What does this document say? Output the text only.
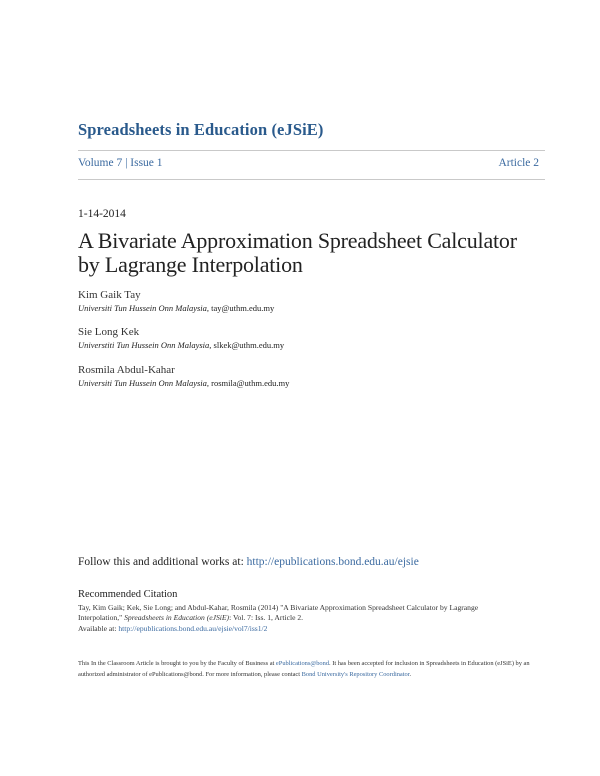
Spreadsheets in Education (eJSiE)
Volume 7 | Issue 1	Article 2
1-14-2014
A Bivariate Approximation Spreadsheet Calculator
by Lagrange Interpolation
Kim Gaik Tay
Universiti Tun Hussein Onn Malaysia, tay@uthm.edu.my
Sie Long Kek
Universtiti Tun Hussein Onn Malaysia, slkek@uthm.edu.my
Rosmila Abdul-Kahar
Universiti Tun Hussein Onn Malaysia, rosmila@uthm.edu.my
Follow this and additional works at: http://epublications.bond.edu.au/ejsie
Recommended Citation
Tay, Kim Gaik; Kek, Sie Long; and Abdul-Kahar, Rosmila (2014) "A Bivariate Approximation Spreadsheet Calculator by Lagrange
Interpolation," Spreadsheets in Education (eJSiE): Vol. 7: Iss. 1, Article 2.
Available at: http://epublications.bond.edu.au/ejsie/vol7/iss1/2
This In the Classroom Article is brought to you by the Faculty of Business at ePublications@bond. It has been accepted for inclusion in Spreadsheets in Education (eJSiE) by an authorized administrator of ePublications@bond. For more information, please contact Bond University's Repository Coordinator.
